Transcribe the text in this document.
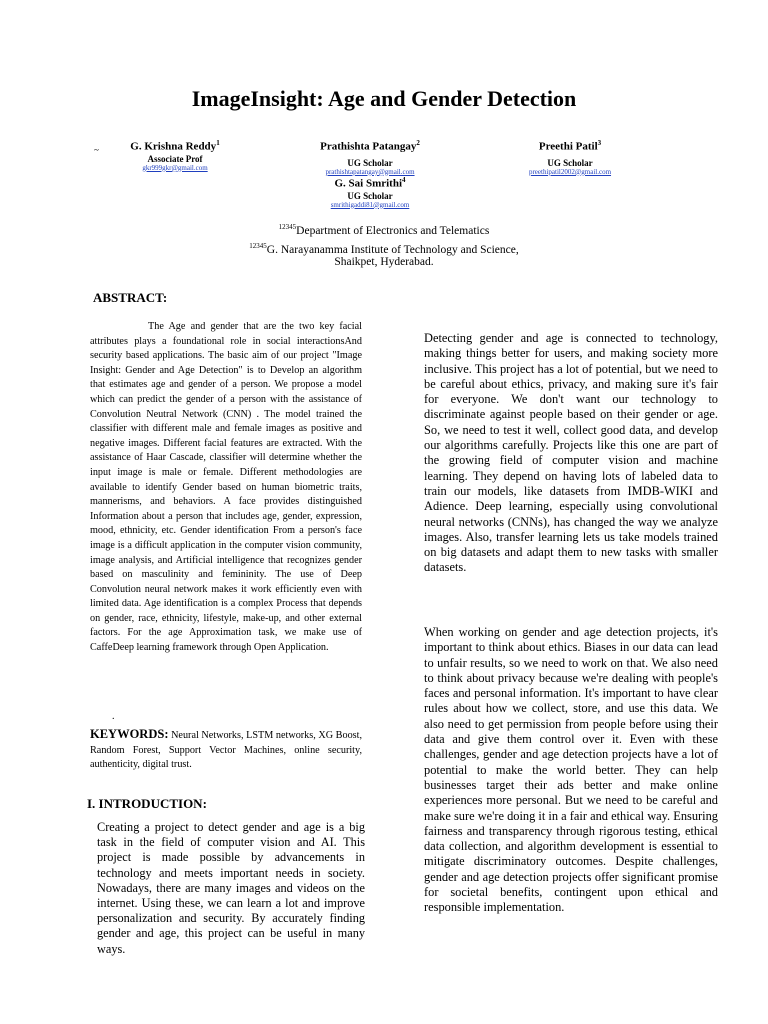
ImageInsight: Age and Gender Detection
~	G. Krishna Reddy$^1$
Associate Prof
gkr999gkr@gmail.com
Prathishta Patangay$^2$
UG Scholar
prathishtapatangay@gmail.com
Preethi Patil$^3$
UG Scholar
preethipatil2002@gmail.com
G. Sai Smrithi$^4$
UG Scholar
smrithigaddi81@gmail.com
$^{12345}$Department of Electronics and Telematics
$^{12345}$G. Narayanamma Institute of Technology and Science,
Shaikpet, Hyderabad.
ABSTRACT:
The Age and gender that are the two key facial attributes plays a foundational role in social interactionsAnd security based applications. The basic aim of our project "Image Insight: Gender and Age Detection" is to Develop an algorithm that estimates age and gender of a person. We propose a model which can predict the gender of a person with the assistance of Convolution Neutral Network (CNN) . The model trained the classifier with different male and female images as positive and negative images. Different facial features are extracted. With the assistance of Haar Cascade, classifier will determine whether the input image is male or female. Different methodologies are available to identify Gender based on human biometric traits, mannerisms, and behaviors. A face provides distinguished Information about a person that includes age, gender, expression, mood, ethnicity, etc. Gender identification From a person's face image is a difficult application in the computer vision community, image analysis, and Artificial intelligence that recognizes gender based on masculinity and femininity. The use of Deep Convolution neural network makes it work efficiently even with limited data. Age identification is a complex Process that depends on gender, race, ethnicity, lifestyle, make-up, and other external factors. For the age Approximation task, we make use of CaffeDeep learning framework through Open Application.
.
KEYWORDS: Neural Networks, LSTM networks, XG Boost, Random Forest, Support Vector Machines, online security, authenticity, digital trust.
I. INTRODUCTION:
Creating a project to detect gender and age is a big task in the field of computer vision and AI. This project is made possible by advancements in technology and meets important needs in society. Nowadays, there are many images and videos on the internet. Using these, we can learn a lot and improve personalization and security. By accurately finding gender and age, this project can be useful in many ways.
Detecting gender and age is connected to technology, making things better for users, and making society more inclusive. This project has a lot of potential, but we need to be careful about ethics, privacy, and making sure it's fair for everyone. We don't want our technology to discriminate against people based on their gender or age. So, we need to test it well, collect good data, and develop our algorithms carefully. Projects like this one are part of the growing field of computer vision and machine learning. They depend on having lots of labeled data to train our models, like datasets from IMDB-WIKI and Adience. Deep learning, especially using convolutional neural networks (CNNs), has changed the way we analyze images. Also, transfer learning lets us take models trained on big datasets and adapt them to new tasks with smaller datasets.
When working on gender and age detection projects, it's important to think about ethics. Biases in our data can lead to unfair results, so we need to work on that. We also need to think about privacy because we're dealing with people's faces and personal information. It's important to have clear rules about how we collect, store, and use this data. We also need to get permission from people before using their data and give them control over it. Even with these challenges, gender and age detection projects have a lot of potential to make the world better. They can help businesses target their ads better and make online experiences more personal. But we need to be careful and make sure we're doing it in a fair and ethical way. Ensuring fairness and transparency through rigorous testing, ethical data collection, and algorithm development is essential to mitigate discriminatory outcomes. Despite challenges, gender and age detection projects offer significant promise for societal benefits, contingent upon ethical and responsible implementation.
